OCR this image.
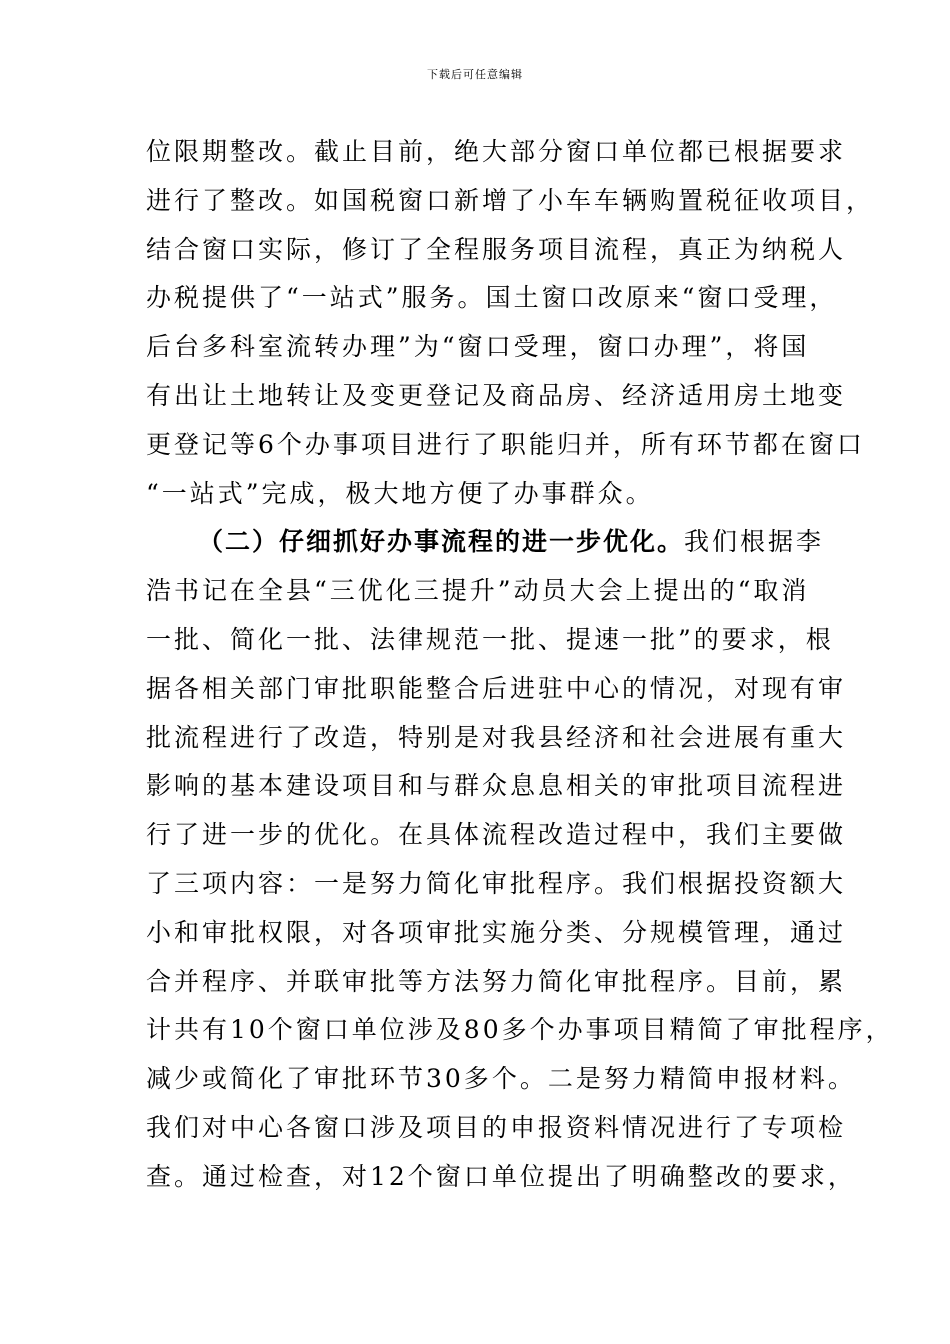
下载后可任意编辑
位限期整改。截止目前，绝大部分窗口单位都已根据要求
进行了整改。如国税窗口新增了小车车辆购置税征收项目，
结合窗口实际，修订了全程服务项目流程，真正为纳税人
办税提供了“一站式”服务。国土窗口改原来“窗口受理，
后台多科室流转办理”为“窗口受理，窗口办理”，将国
有出让土地转让及变更登记及商品房、经济适用房土地变
更登记等6个办事项目进行了职能归并，所有环节都在窗口
“一站式”完成，极大地方便了办事群众。
（二）仔细抓好办事流程的进一步优化。我们根据李
浩书记在全县“三优化三提升”动员大会上提出的“取消
一批、简化一批、法律规范一批、提速一批”的要求，根
据各相关部门审批职能整合后进驻中心的情况，对现有审
批流程进行了改造，特别是对我县经济和社会进展有重大
影响的基本建设项目和与群众息息相关的审批项目流程进
行了进一步的优化。在具体流程改造过程中，我们主要做
了三项内容：一是努力简化审批程序。我们根据投资额大
小和审批权限，对各项审批实施分类、分规模管理，通过
合并程序、并联审批等方法努力简化审批程序。目前，累
计共有10个窗口单位涉及80多个办事项目精简了审批程序，
减少或简化了审批环节30多个。二是努力精简申报材料。
我们对中心各窗口涉及项目的申报资料情况进行了专项检
查。通过检查，对12个窗口单位提出了明确整改的要求，
